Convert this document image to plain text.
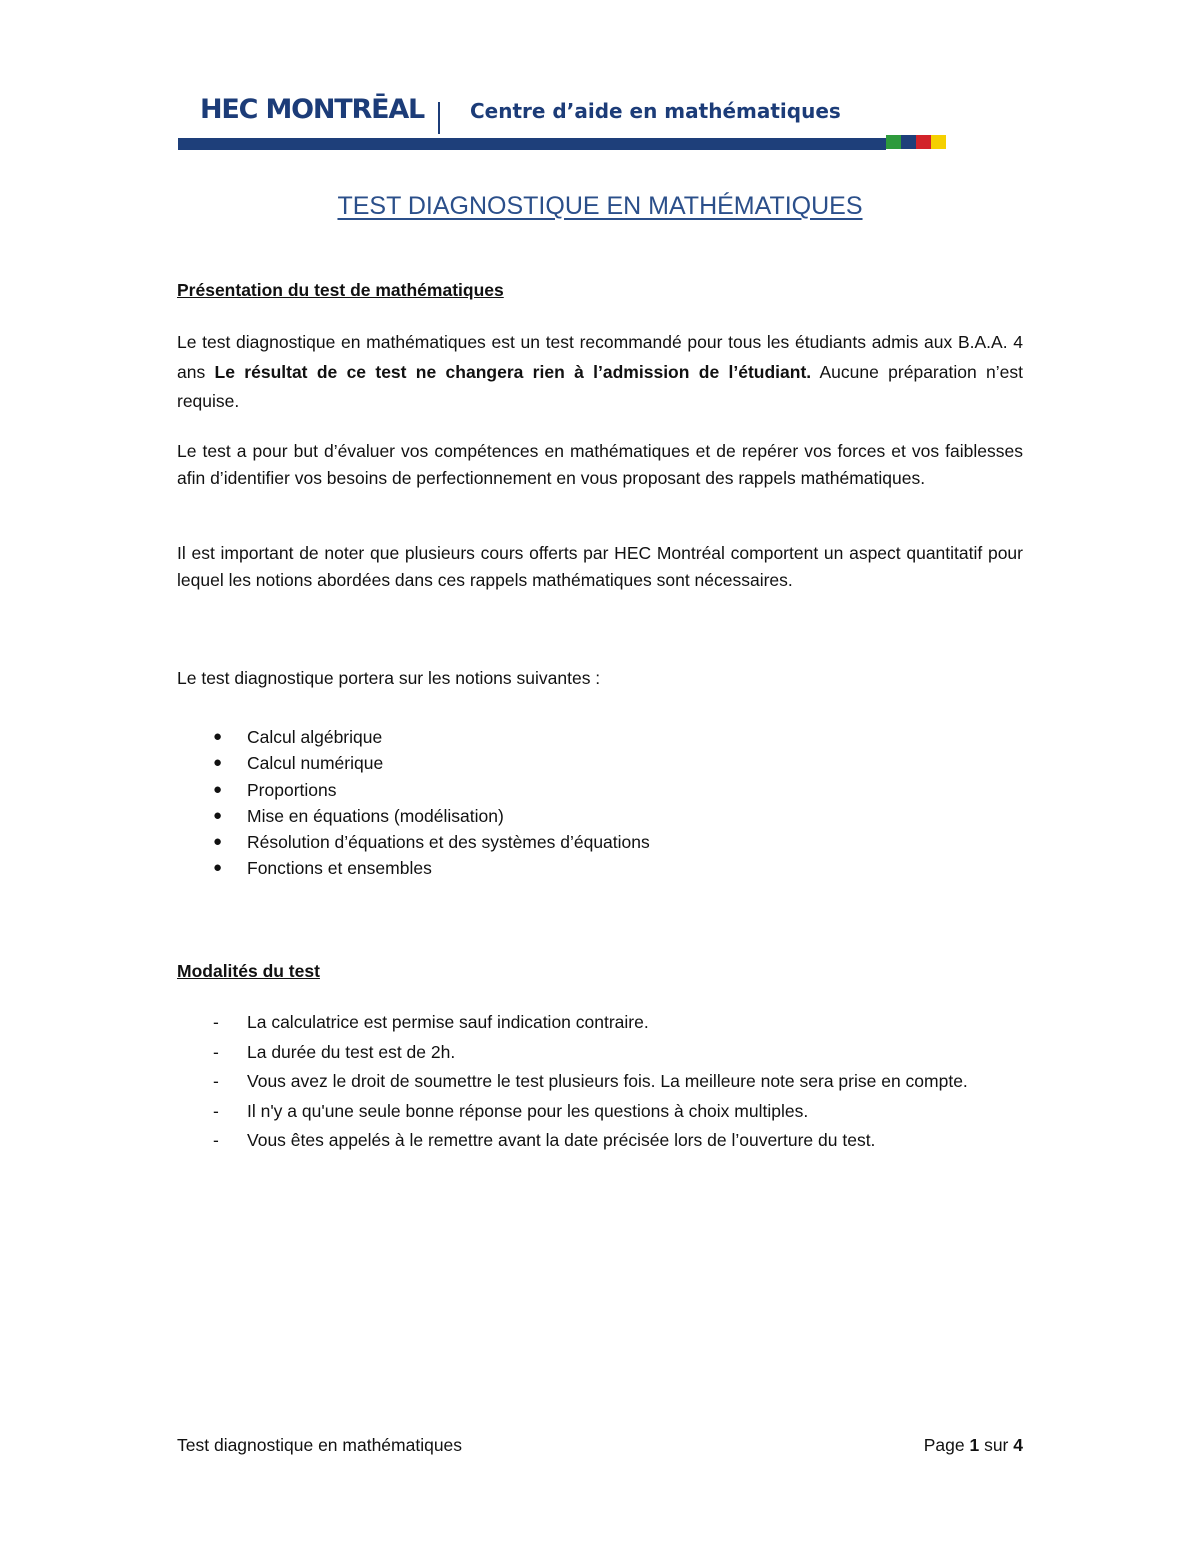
HEC MONTRĒAL Centre d’aide en mathématiques
TEST DIAGNOSTIQUE EN MATHÉMATIQUES

Présentation du test de mathématiques

Le test diagnostique en mathématiques est un test recommandé pour tous les étudiants admis aux B.A.A. 4 ans Le résultat de ce test ne changera rien à l’admission de l’étudiant. Aucune préparation n’est requise.

Le test a pour but d’évaluer vos compétences en mathématiques et de repérer vos forces et vos faiblesses afin d’identifier vos besoins de perfectionnement en vous proposant des rappels mathématiques.

Il est important de noter que plusieurs cours offerts par HEC Montréal comportent un aspect quantitatif pour lequel les notions abordées dans ces rappels mathématiques sont nécessaires.

Le test diagnostique portera sur les notions suivantes :

● Calcul algébrique
● Calcul numérique
● Proportions
● Mise en équations (modélisation)
● Résolution d’équations et des systèmes d’équations
● Fonctions et ensembles

Modalités du test

- La calculatrice est permise sauf indication contraire.
- La durée du test est de 2h.
- Vous avez le droit de soumettre le test plusieurs fois. La meilleure note sera prise en compte.
- Il n'y a qu'une seule bonne réponse pour les questions à choix multiples.
- Vous êtes appelés à le remettre avant la date précisée lors de l’ouverture du test.
Test diagnostique en mathématiques	Page 1 sur 4
